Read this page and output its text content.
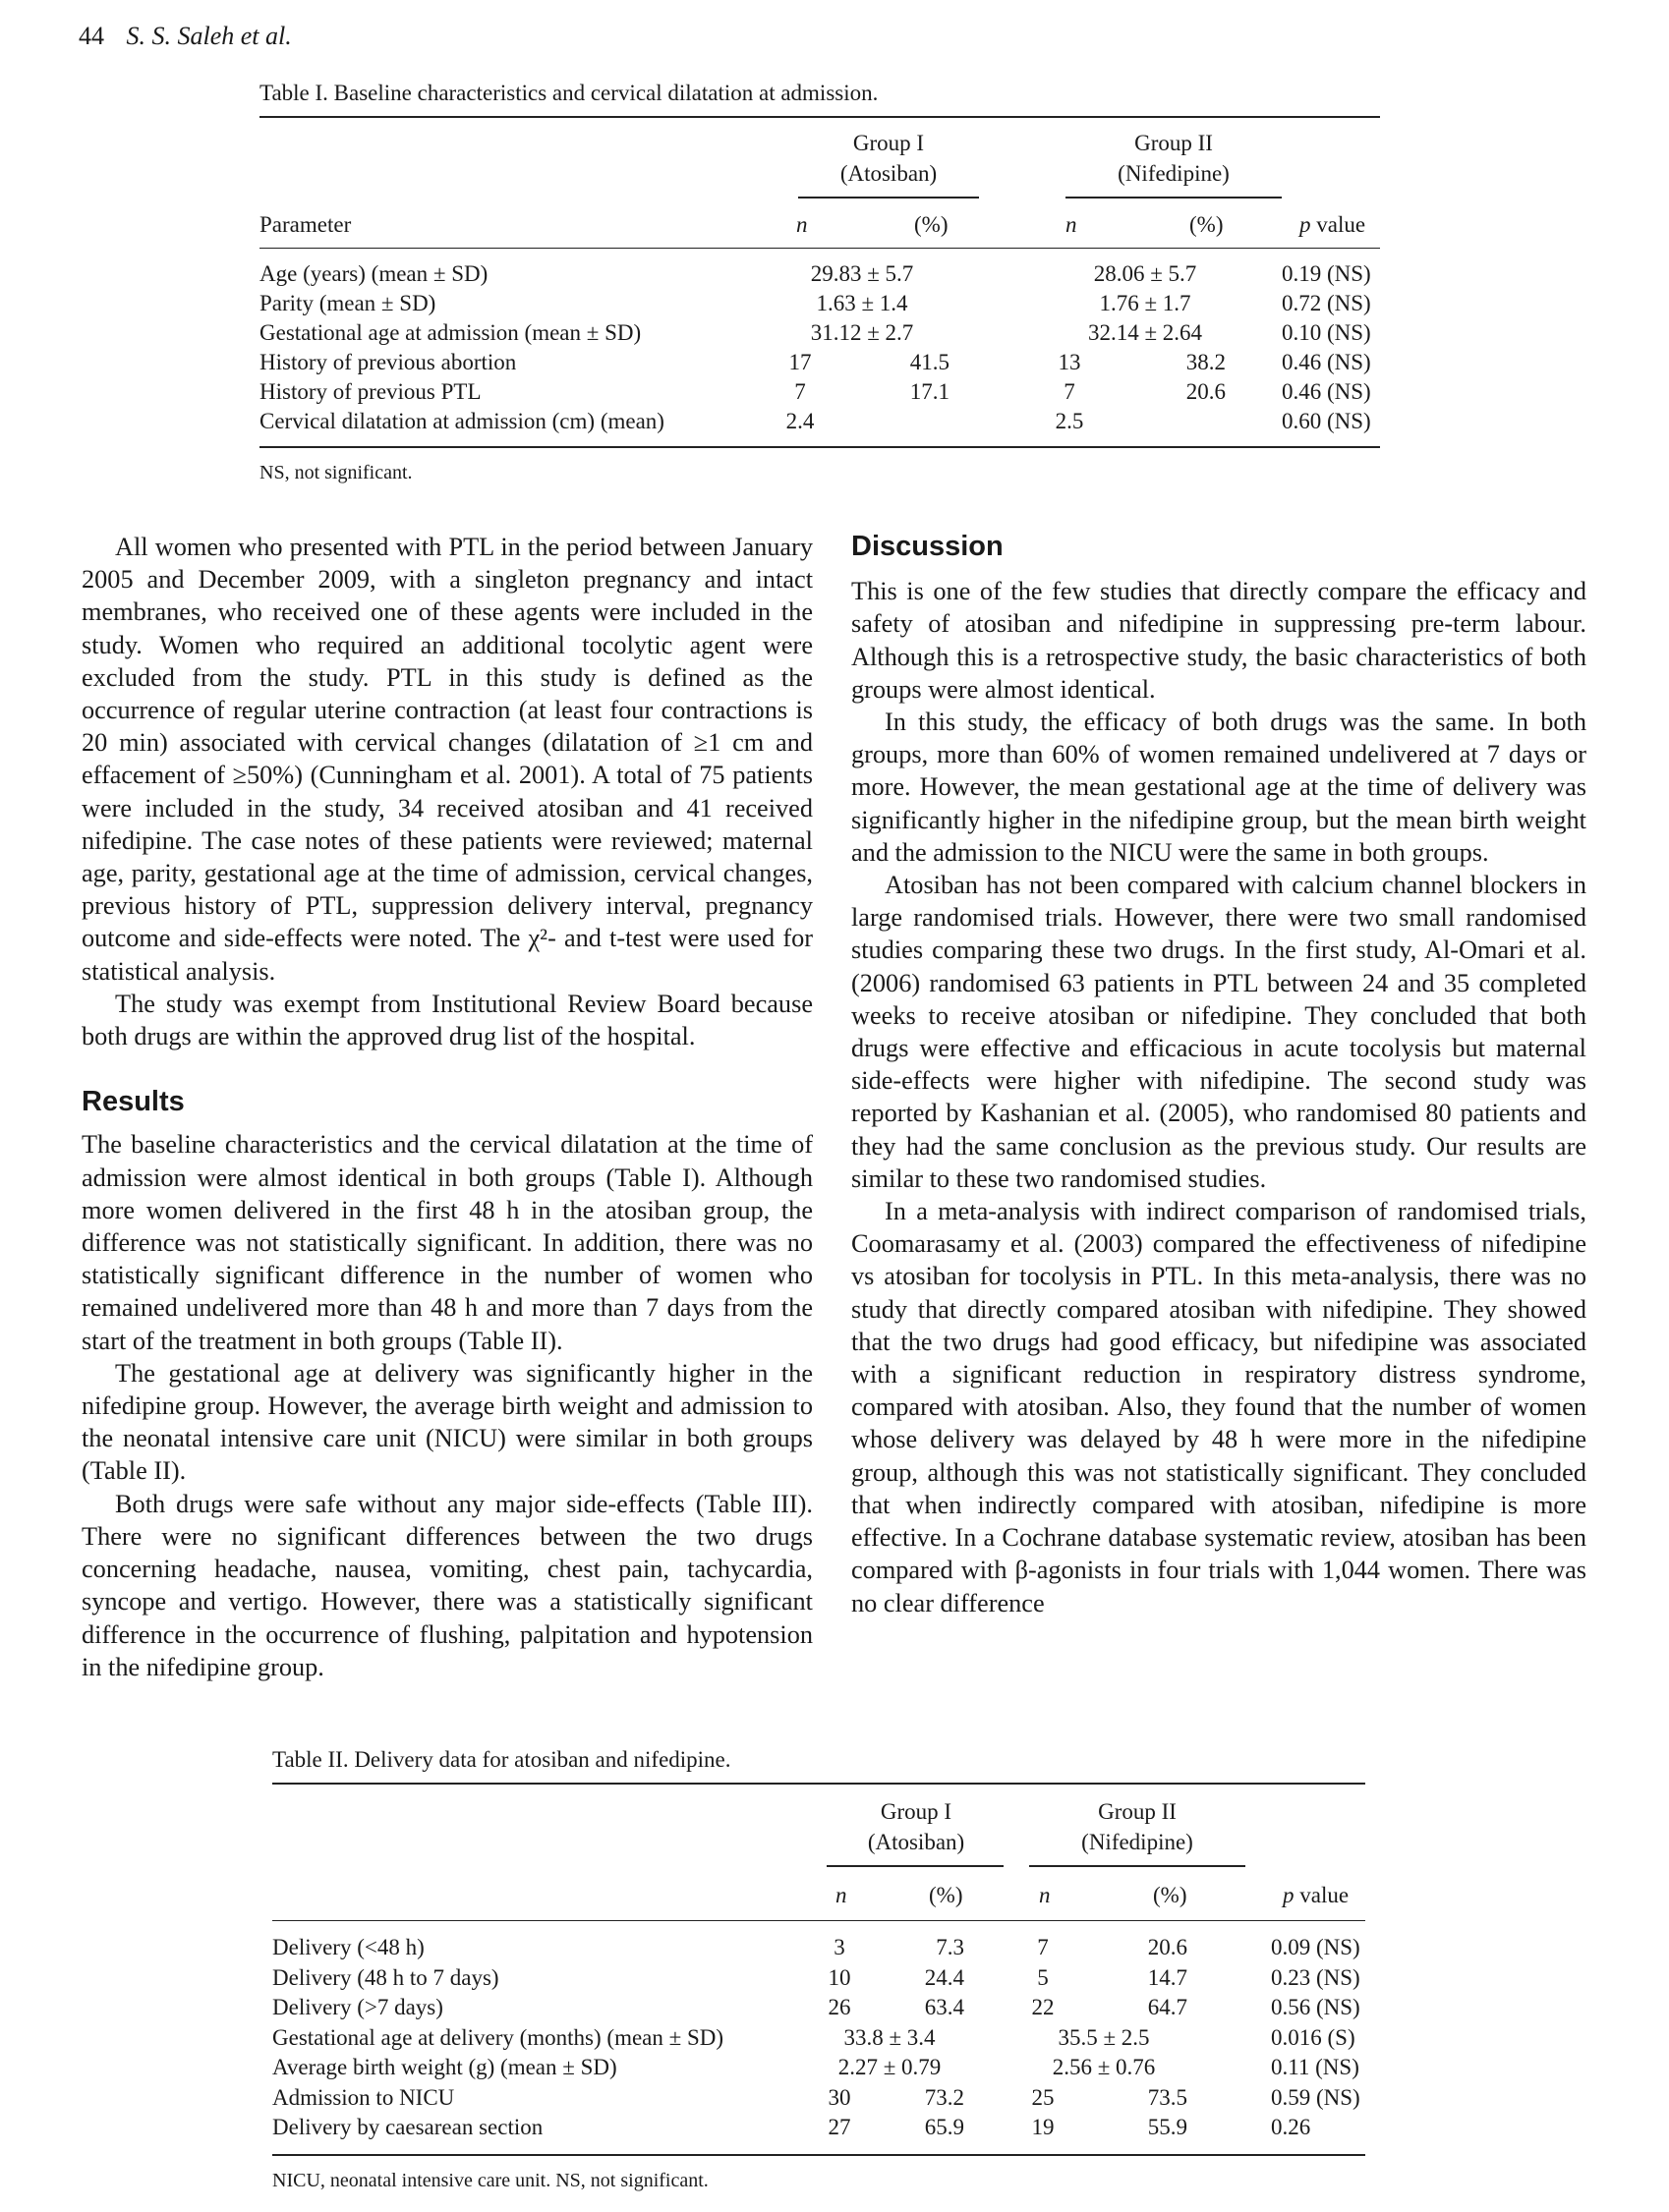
44 S. S. Saleh et al.
Table I. Baseline characteristics and cervical dilatation at admission.
Group I
(Atosiban)
Group II
(Nifedipine)
Parameter	n	(%)	n	(%)	p value
Age (years) (mean ± SD)	29.83 ± 5.7	28.06 ± 5.7	0.19 (NS)
Parity (mean ± SD)	1.63 ± 1.4	1.76 ± 1.7	0.72 (NS)
Gestational age at admission (mean ± SD)	31.12 ± 2.7	32.14 ± 2.64	0.10 (NS)
History of previous abortion	17	41.5	13	38.2 0.46 (NS)
History of previous PTL	7	17.1	7	20.6 0.46 (NS)
Cervical dilatation at admission (cm) (mean)	2.4	2.5	0.60 (NS)
NS, not significant.

All women who presented with PTL in the period between January 2005 and December 2009, with a singleton pregnancy and intact membranes, who received one of these agents were included in the study. Women who required an additional tocolytic agent were excluded from the study. PTL in this study is defined as the occurrence of regular uterine contraction (at least four contractions is 20 min) associated with cervical changes (dilatation of ≥1 cm and effacement of ≥50%) (Cunningham et al. 2001). A total of 75 patients were included in the study, 34 received atosiban and 41 received nifedipine. The case notes of these patients were reviewed; maternal age, parity, gestational age at the time of admission, cervical changes, previous history of PTL, suppression delivery interval, pregnancy outcome and side-effects were noted. The χ²- and t-test were used for statistical analysis.

The study was exempt from Institutional Review Board because both drugs are within the approved drug list of the hospital.

Results

The baseline characteristics and the cervical dilatation at the time of admission were almost identical in both groups (Table I). Although more women delivered in the first 48 h in the atosiban group, the difference was not statistically significant. In addition, there was no statistically significant difference in the number of women who remained undelivered more than 48 h and more than 7 days from the start of the treatment in both groups (Table II).

The gestational age at delivery was significantly higher in the nifedipine group. However, the average birth weight and admission to the neonatal intensive care unit (NICU) were similar in both groups (Table II).

Both drugs were safe without any major side-effects (Table III). There were no significant differences between the two drugs concerning headache, nausea, vomiting, chest pain, tachycardia, syncope and vertigo. However, there was a statistically significant difference in the occurrence of flushing, palpitation and hypotension in the nifedipine group.

Discussion

This is one of the few studies that directly compare the efficacy and safety of atosiban and nifedipine in suppressing pre-term labour. Although this is a retrospective study, the basic characteristics of both groups were almost identical.

In this study, the efficacy of both drugs was the same. In both groups, more than 60% of women remained undelivered at 7 days or more. However, the mean gestational age at the time of delivery was significantly higher in the nifedipine group, but the mean birth weight and the admission to the NICU were the same in both groups.

Atosiban has not been compared with calcium channel blockers in large randomised trials. However, there were two small randomised studies comparing these two drugs. In the first study, Al-Omari et al. (2006) randomised 63 patients in PTL between 24 and 35 completed weeks to receive atosiban or nifedipine. They concluded that both drugs were effective and efficacious in acute tocolysis but maternal side-effects were higher with nifedipine. The second study was reported by Kashanian et al. (2005), who randomised 80 patients and they had the same conclusion as the previous study. Our results are similar to these two randomised studies.

In a meta-analysis with indirect comparison of randomised trials, Coomarasamy et al. (2003) compared the effectiveness of nifedipine vs atosiban for tocolysis in PTL. In this meta-analysis, there was no study that directly compared atosiban with nifedipine. They showed that the two drugs had good efficacy, but nifedipine was associated with a significant reduction in respiratory distress syndrome, compared with atosiban. Also, they found that the number of women whose delivery was delayed by 48 h were more in the nifedipine group, although this was not statistically significant. They concluded that when indirectly compared with atosiban, nifedipine is more effective. In a Cochrane database systematic review, atosiban has been compared with β-agonists in four trials with 1,044 women. There was no clear difference

Table II. Delivery data for atosiban and nifedipine.
Group I
(Atosiban)
Group II
(Nifedipine)
n	(%)	n	(%)	p value
Delivery (<48 h)	3	7.3	7	20.6	0.09 (NS)
Delivery (48 h to 7 days)	10	24.4	5	14.7	0.23 (NS)
Delivery (>7 days)	26	63.4	22	64.7	0.56 (NS)
Gestational age at delivery (months) (mean ± SD)	33.8 ± 3.4	35.5 ± 2.5	0.016 (S)
Average birth weight (g) (mean ± SD)	2.27 ± 0.79	2.56 ± 0.76	0.11 (NS)
Admission to NICU	30	73.2	25	73.5	0.59 (NS)
Delivery by caesarean section	27	65.9	19	55.9	0.26
NICU, neonatal intensive care unit. NS, not significant.
